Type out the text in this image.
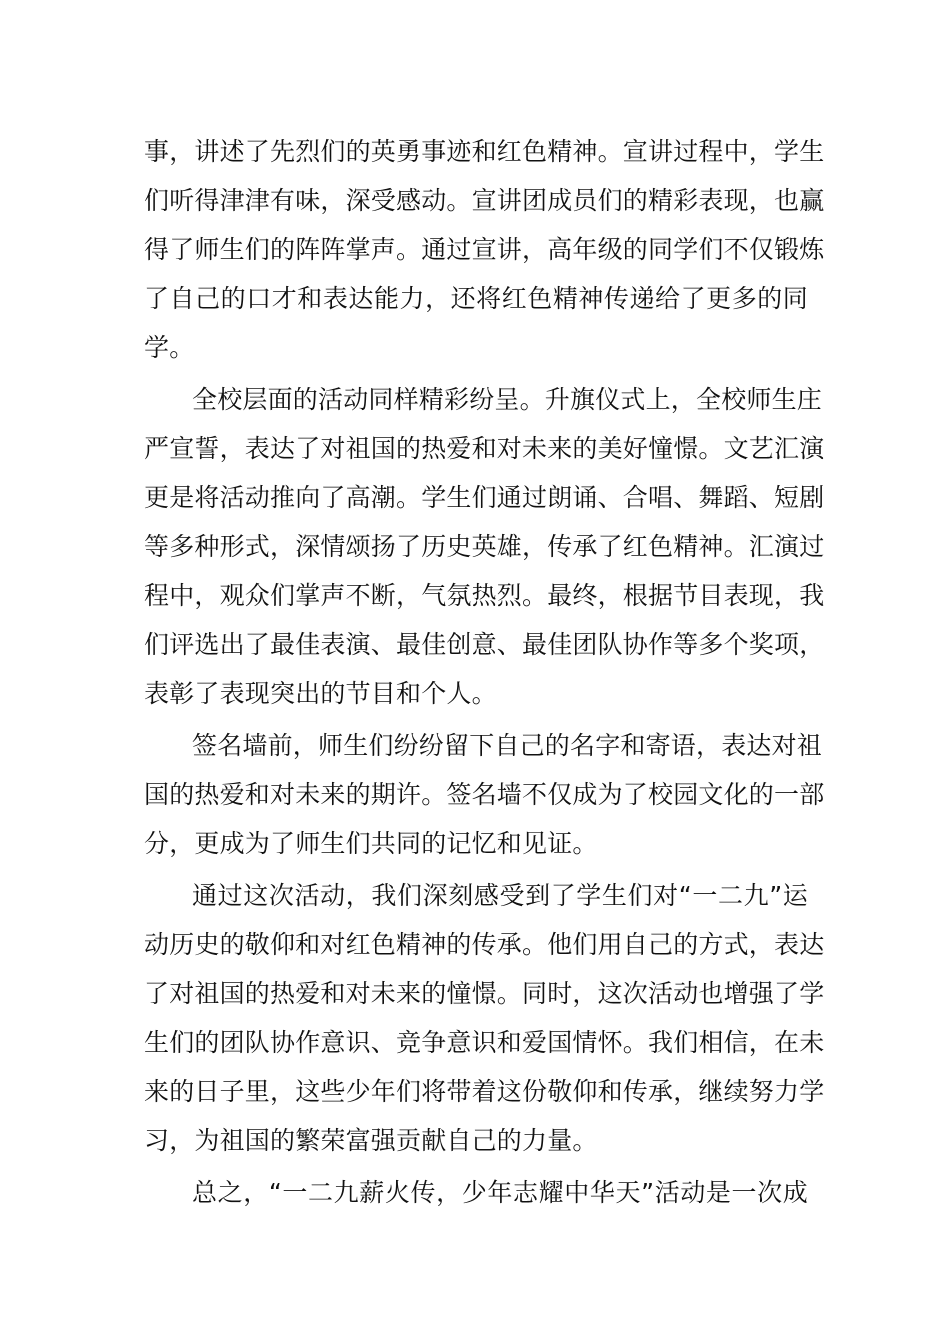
事，讲述了先烈们的英勇事迹和红色精神。宣讲过程中，学生
们听得津津有味，深受感动。宣讲团成员们的精彩表现，也赢
得了师生们的阵阵掌声。通过宣讲，高年级的同学们不仅锻炼
了自己的口才和表达能力，还将红色精神传递给了更多的同
学。
全校层面的活动同样精彩纷呈。升旗仪式上，全校师生庄
严宣誓，表达了对祖国的热爱和对未来的美好憧憬。文艺汇演
更是将活动推向了高潮。学生们通过朗诵、合唱、舞蹈、短剧
等多种形式，深情颂扬了历史英雄，传承了红色精神。汇演过
程中，观众们掌声不断，气氛热烈。最终，根据节目表现，我
们评选出了最佳表演、最佳创意、最佳团队协作等多个奖项，
表彰了表现突出的节目和个人。
签名墙前，师生们纷纷留下自己的名字和寄语，表达对祖
国的热爱和对未来的期许。签名墙不仅成为了校园文化的一部
分，更成为了师生们共同的记忆和见证。
通过这次活动，我们深刻感受到了学生们对“一二九”运
动历史的敬仰和对红色精神的传承。他们用自己的方式，表达
了对祖国的热爱和对未来的憧憬。同时，这次活动也增强了学
生们的团队协作意识、竞争意识和爱国情怀。我们相信，在未
来的日子里，这些少年们将带着这份敬仰和传承，继续努力学
习，为祖国的繁荣富强贡献自己的力量。
总之，“一二九薪火传，少年志耀中华天”活动是一次成
